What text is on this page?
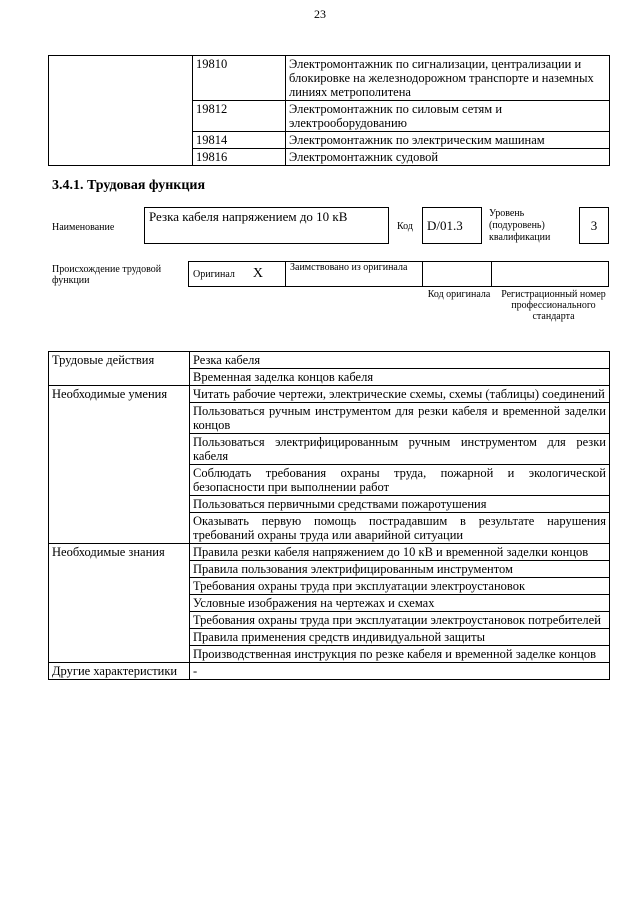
23
	19810	Электромонтажник по сигнализации, централизации и блокировке на железнодорожном транспорте и наземных линиях метрополитена
	19812	Электромонтажник по силовым сетям и электрооборудованию
	19814	Электромонтажник по электрическим машинам
	19816	Электромонтажник судовой
3.4.1. Трудовая функция
Наименование
Резка кабеля напряжением до 10 кВ
Код	D/01.3
Уровень (подуровень) квалификации
3
Происхождение трудовой функции
Оригинал X	Заимствовано из оригинала		
Код оригинала	Регистрационный номер профессионального стандарта
Трудовые действия	Резка кабеля
	Временная заделка концов кабеля
Необходимые умения	Читать рабочие чертежи, электрические схемы, схемы (таблицы) соединений
	Пользоваться ручным инструментом для резки кабеля и временной заделки концов
	Пользоваться электрифицированным ручным инструментом для резки кабеля
	Соблюдать требования охраны труда, пожарной и экологической безопасности при выполнении работ
	Пользоваться первичными средствами пожаротушения
	Оказывать первую помощь пострадавшим в результате нарушения требований охраны труда или аварийной ситуации
Необходимые знания	Правила резки кабеля напряжением до 10 кВ и временной заделки концов
	Правила пользования электрифицированным инструментом
	Требования охраны труда при эксплуатации электроустановок
	Условные изображения на чертежах и схемах
	Требования охраны труда при эксплуатации электроустановок потребителей
	Правила применения средств индивидуальной защиты
	Производственная инструкция по резке кабеля и временной заделке концов
Другие характеристики	-
